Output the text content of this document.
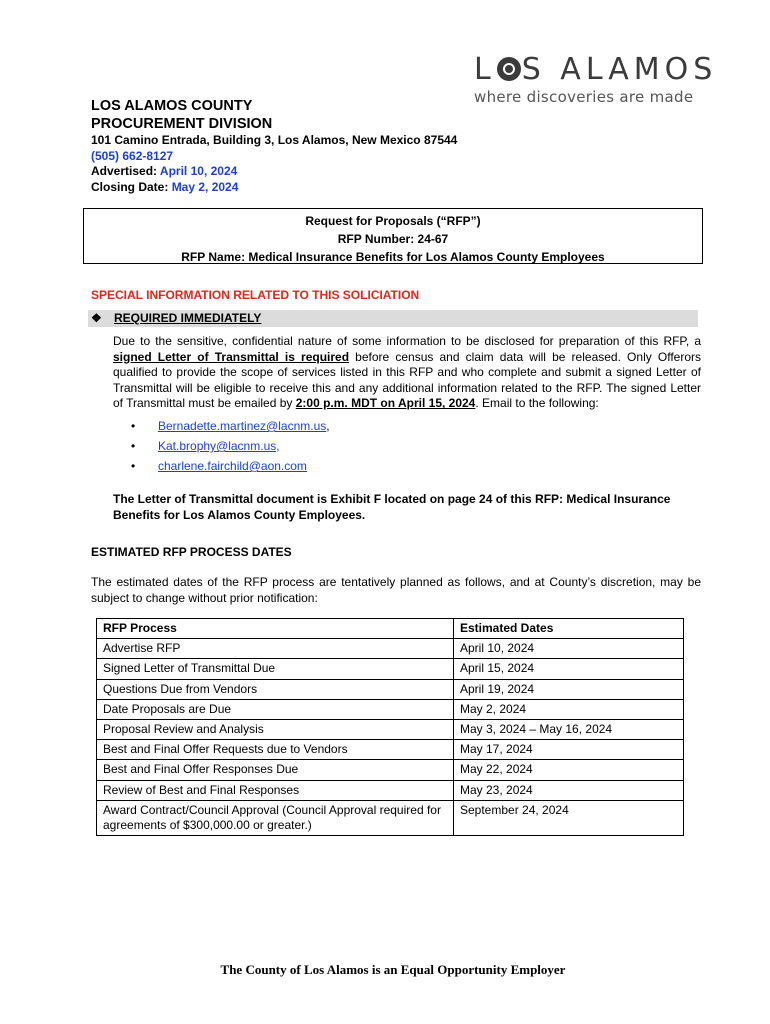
L S ALAMOS
where discoveries are made
LOS ALAMOS COUNTY
PROCUREMENT DIVISION
101 Camino Entrada, Building 3, Los Alamos, New Mexico 87544
(505) 662-8127
Advertised: April 10, 2024
Closing Date: May 2, 2024
Request for Proposals (“RFP”)
RFP Number: 24-67
RFP Name: Medical Insurance Benefits for Los Alamos County Employees
SPECIAL INFORMATION RELATED TO THIS SOLICIATION
❖ REQUIRED IMMEDIATELY
Due to the sensitive, confidential nature of some information to be disclosed for preparation of this RFP, a signed Letter of Transmittal is required before census and claim data will be released. Only Offerors qualified to provide the scope of services listed in this RFP and who complete and submit a signed Letter of Transmittal will be eligible to receive this and any additional information related to the RFP. The signed Letter of Transmittal must be emailed by 2:00 p.m. MDT on April 15, 2024. Email to the following:
• Bernadette.martinez@lacnm.us,
• Kat.brophy@lacnm.us,
• charlene.fairchild@aon.com
The Letter of Transmittal document is Exhibit F located on page 24 of this RFP: Medical Insurance Benefits for Los Alamos County Employees.
ESTIMATED RFP PROCESS DATES
The estimated dates of the RFP process are tentatively planned as follows, and at County’s discretion, may be subject to change without prior notification:
RFP Process	Estimated Dates
Advertise RFP	April 10, 2024
Signed Letter of Transmittal Due	April 15, 2024
Questions Due from Vendors	April 19, 2024
Date Proposals are Due	May 2, 2024
Proposal Review and Analysis	May 3, 2024 – May 16, 2024
Best and Final Offer Requests due to Vendors	May 17, 2024
Best and Final Offer Responses Due	May 22, 2024
Review of Best and Final Responses	May 23, 2024
Award Contract/Council Approval (Council Approval required for agreements of $300,000.00 or greater.)	September 24, 2024
The County of Los Alamos is an Equal Opportunity Employer
